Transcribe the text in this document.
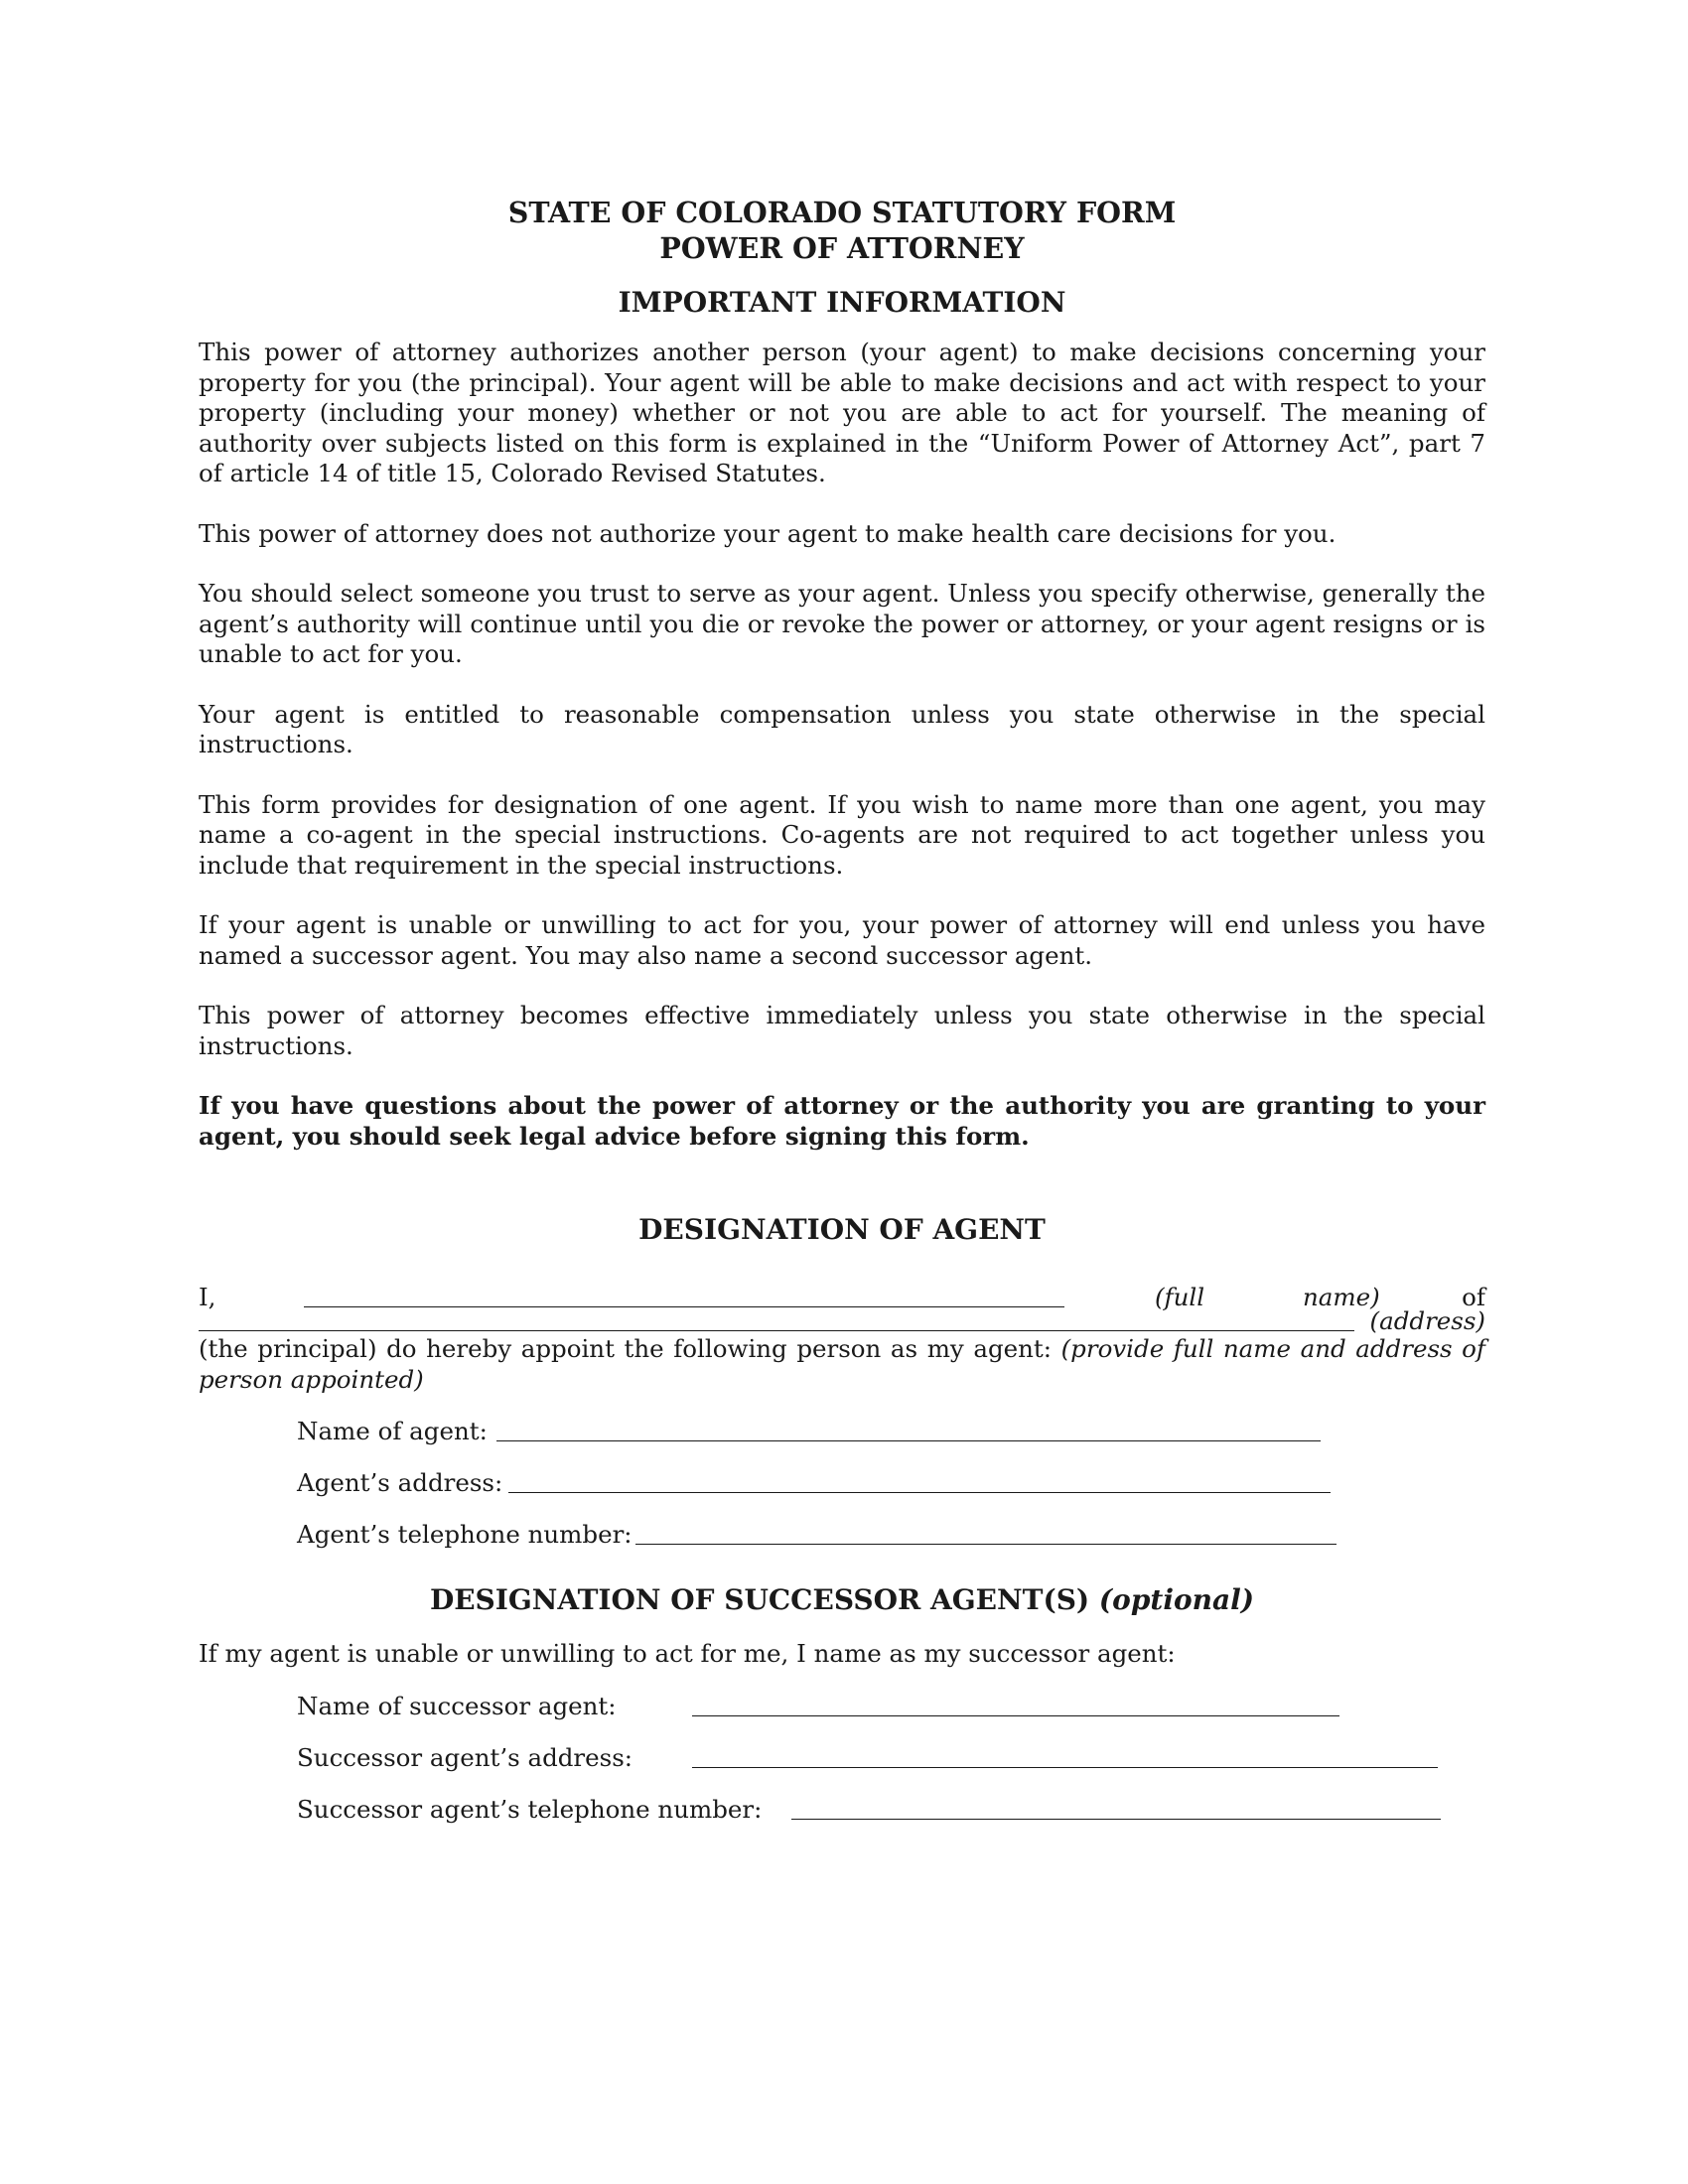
STATE OF COLORADO STATUTORY FORM
POWER OF ATTORNEY
IMPORTANT INFORMATION

This power of attorney authorizes another person (your agent) to make decisions concerning your property for you (the principal). Your agent will be able to make decisions and act with respect to your property (including your money) whether or not you are able to act for yourself. The meaning of authority over subjects listed on this form is explained in the “Uniform Power of Attorney Act”, part 7 of article 14 of title 15, Colorado Revised Statutes.

This power of attorney does not authorize your agent to make health care decisions for you.

You should select someone you trust to serve as your agent. Unless you specify otherwise, generally the agent’s authority will continue until you die or revoke the power or attorney, or your agent resigns or is unable to act for you.

Your agent is entitled to reasonable compensation unless you state otherwise in the special instructions.

This form provides for designation of one agent. If you wish to name more than one agent, you may name a co-agent in the special instructions. Co-agents are not required to act together unless you include that requirement in the special instructions.

If your agent is unable or unwilling to act for you, your power of attorney will end unless you have named a successor agent. You may also name a second successor agent.

This power of attorney becomes effective immediately unless you state otherwise in the special instructions.

If you have questions about the power of attorney or the authority you are granting to your agent, you should seek legal advice before signing this form.

DESIGNATION OF AGENT
I,	(full	name)	of
(address)

(the principal) do hereby appoint the following person as my agent: (provide full name and address of person appointed)

Name of agent:
Agent’s address:
Agent’s telephone number:
DESIGNATION OF SUCCESSOR AGENT(S) (optional)

If my agent is unable or unwilling to act for me, I name as my successor agent:

Name of successor agent:
Successor agent’s address:
Successor agent’s telephone number:
